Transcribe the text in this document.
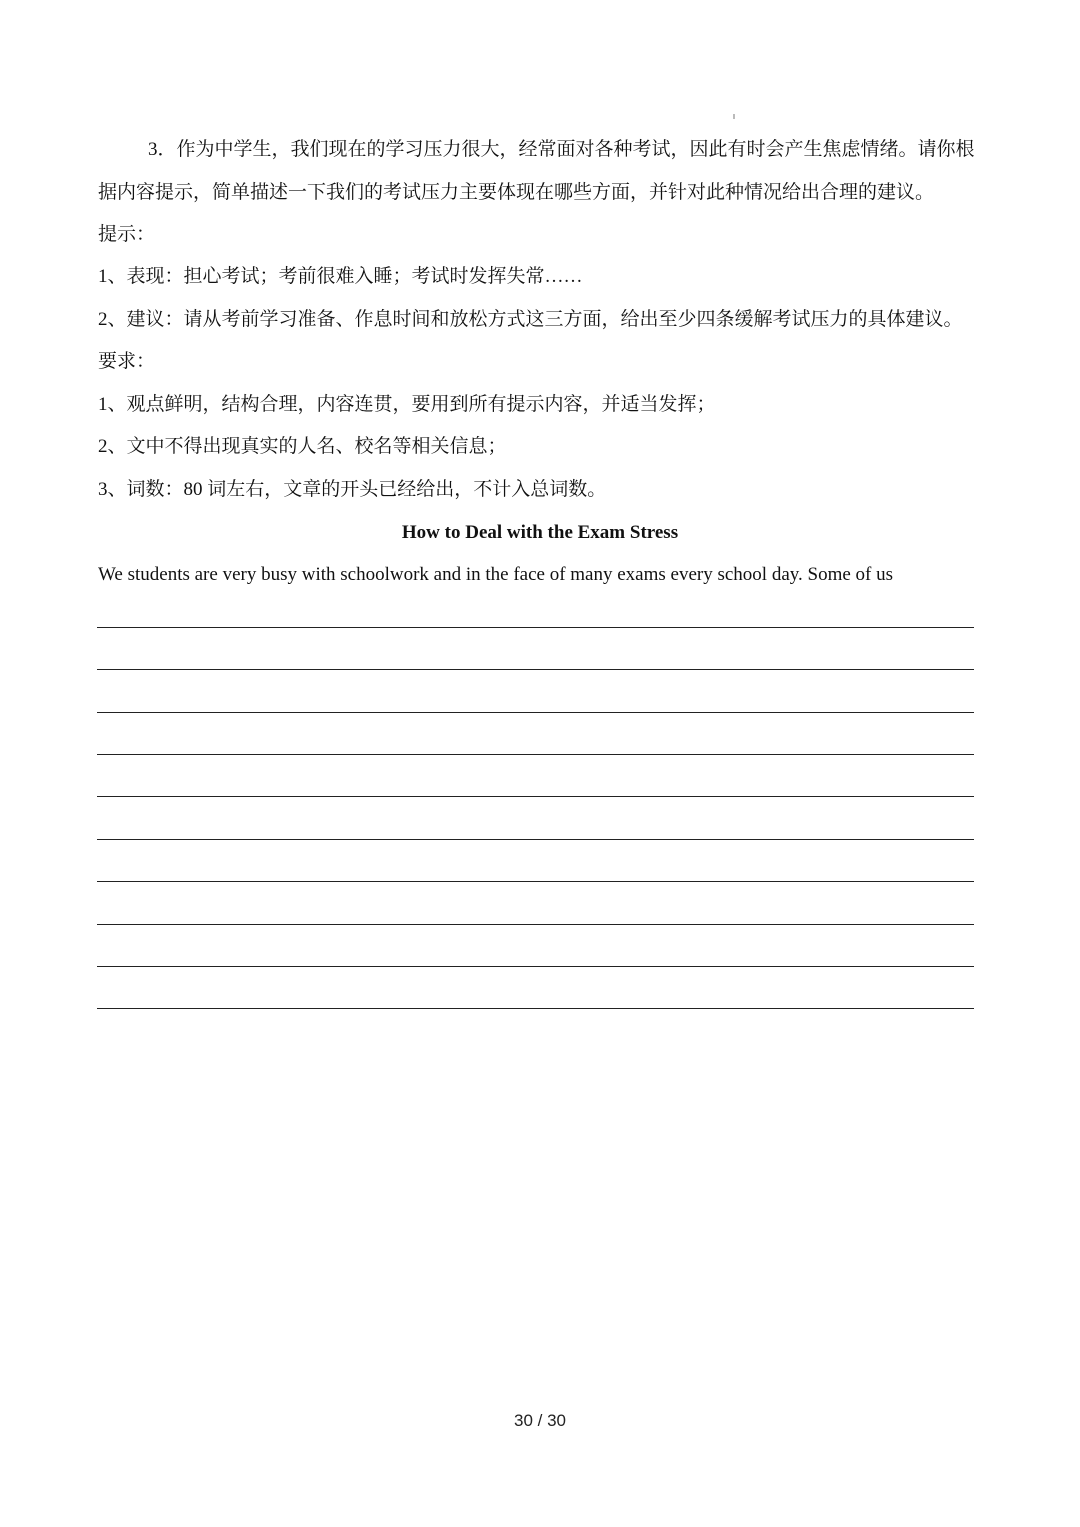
3．作为中学生，我们现在的学习压力很大，经常面对各种考试，因此有时会产生焦虑情绪。请你根
据内容提示，简单描述一下我们的考试压力主要体现在哪些方面，并针对此种情况给出合理的建议。
提示：
1、表现：担心考试；考前很难入睡；考试时发挥失常……
2、建议：请从考前学习准备、作息时间和放松方式这三方面，给出至少四条缓解考试压力的具体建议。
要求：
1、观点鲜明，结构合理，内容连贯，要用到所有提示内容，并适当发挥；
2、文中不得出现真实的人名、校名等相关信息；
3、词数：80 词左右，文章的开头已经给出，不计入总词数。
How to Deal with the Exam Stress
We students are very busy with schoolwork and in the face of many exams every school day. Some of us
30 / 30
